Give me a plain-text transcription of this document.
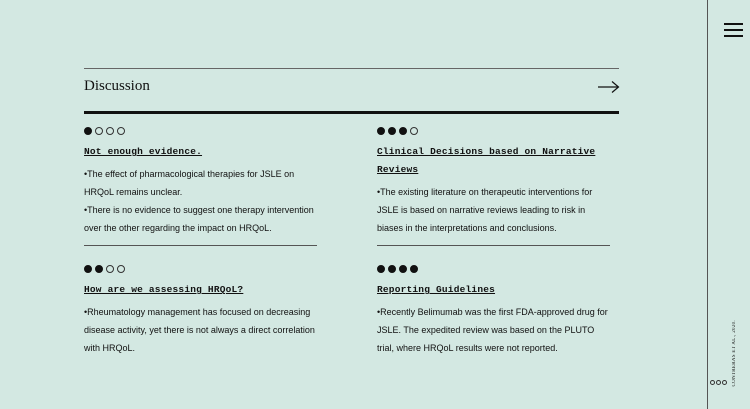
CONTRERAS ET AL., 2020.
Discussion
Not enough evidence.

•The effect of pharmacological therapies for JSLE on HRQoL remains unclear.

•There is no evidence to suggest one therapy intervention over the other regarding the impact on HRQoL.

Clinical Decisions based on Narrative Reviews

•The existing literature on therapeutic interventions for JSLE is based on narrative reviews leading to risk in biases in the interpretations and conclusions.

How are we assessing HRQoL?

•Rheumatology management has focused on decreasing disease activity, yet there is not always a direct correlation with HRQoL.

Reporting Guidelines

•Recently Belimumab was the first FDA-approved drug for JSLE. The expedited review was based on the PLUTO trial, where HRQoL results were not reported.
